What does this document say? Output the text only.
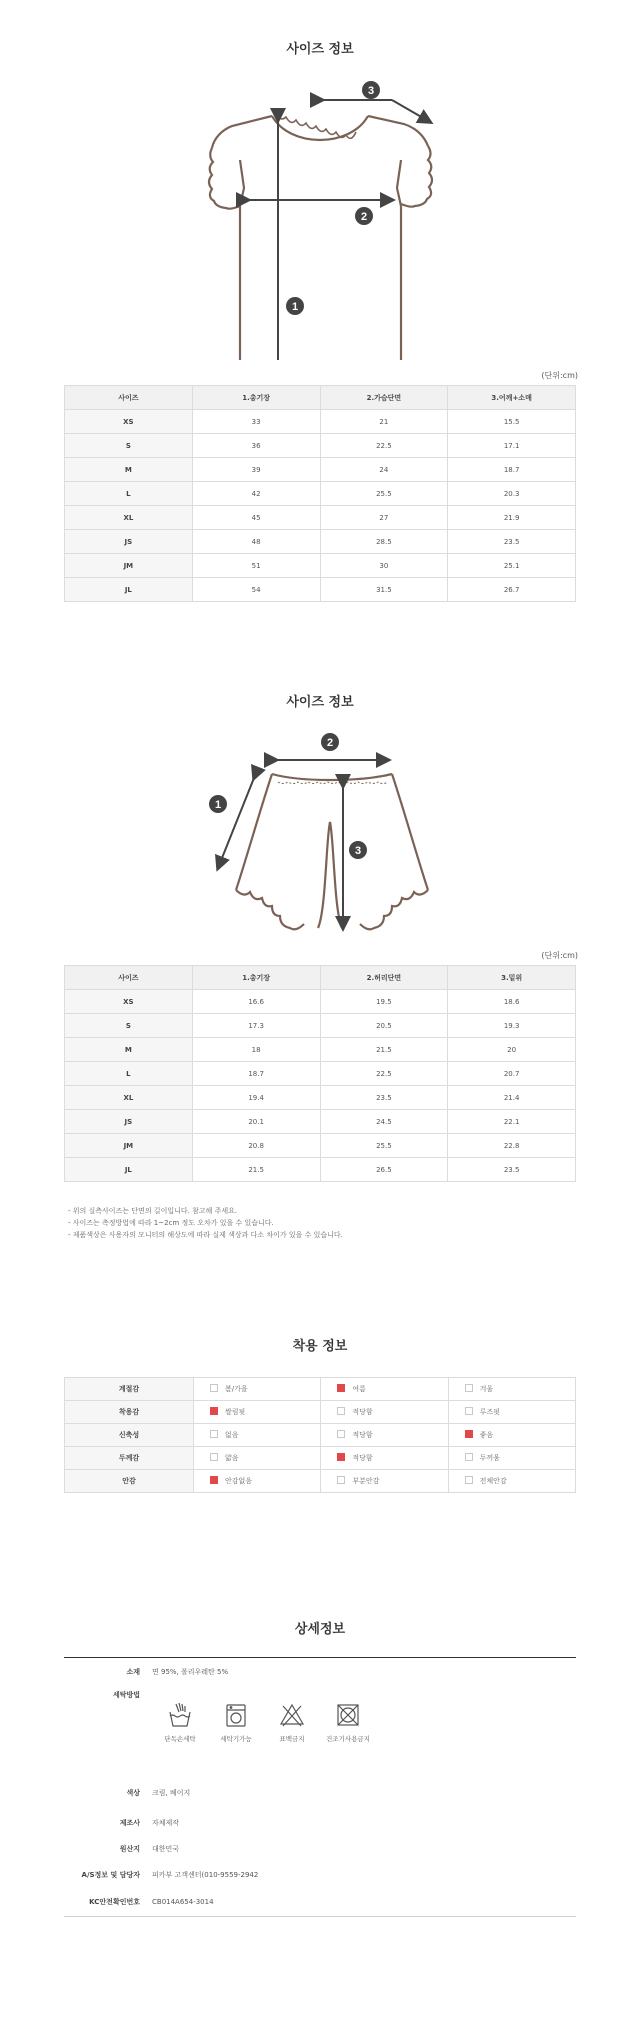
사이즈 정보
1
2
3
(단위:cm)
사이즈	1.총기장	2.가슴단면	3.어깨+소매
XS	33	21	15.5
S	36	22.5	17.1
M	39	24	18.7
L	42	25.5	20.3
XL	45	27	21.9
JS	48	28.5	23.5
JM	51	30	25.1
JL	54	31.5	26.7
사이즈 정보
2
1
3
(단위:cm)
사이즈	1.총기장	2.허리단면	3.밑위
XS	16.6	19.5	18.6
S	17.3	20.5	19.3
M	18	21.5	20
L	18.7	22.5	20.7
XL	19.4	23.5	21.4
JS	20.1	24.5	22.1
JM	20.8	25.5	22.8
JL	21.5	26.5	23.5
- 위의 실측사이즈는 단면의 길이입니다. 참고해 주세요.
- 사이즈는 측정방법에 따라 1~2cm 정도 오차가 있을 수 있습니다.
- 제품색상은 사용자의 모니터의 해상도에 따라 실제 색상과 다소 차이가 있을 수 있습니다.
착용 정보
계절감	봄/가을	여름	겨울
착용감	쌀림핏	적당함	루즈핏
신축성	없음	적당함	좋음
두께감	얇음	적당함	두꺼움
안감	안감없음	부분안감	전체안감
상세정보
소재	면 95%, 폴리우레탄 5%
세탁방법
단독손세탁	세탁기가능	표백금지	건조기사용금지
색상	크림, 베이지
제조사	자체제작
원산지	대한민국
A/S정보 및 담당자	피카부 고객센터(010-9559-2942
KC안전확인번호	CB014A654-3014
